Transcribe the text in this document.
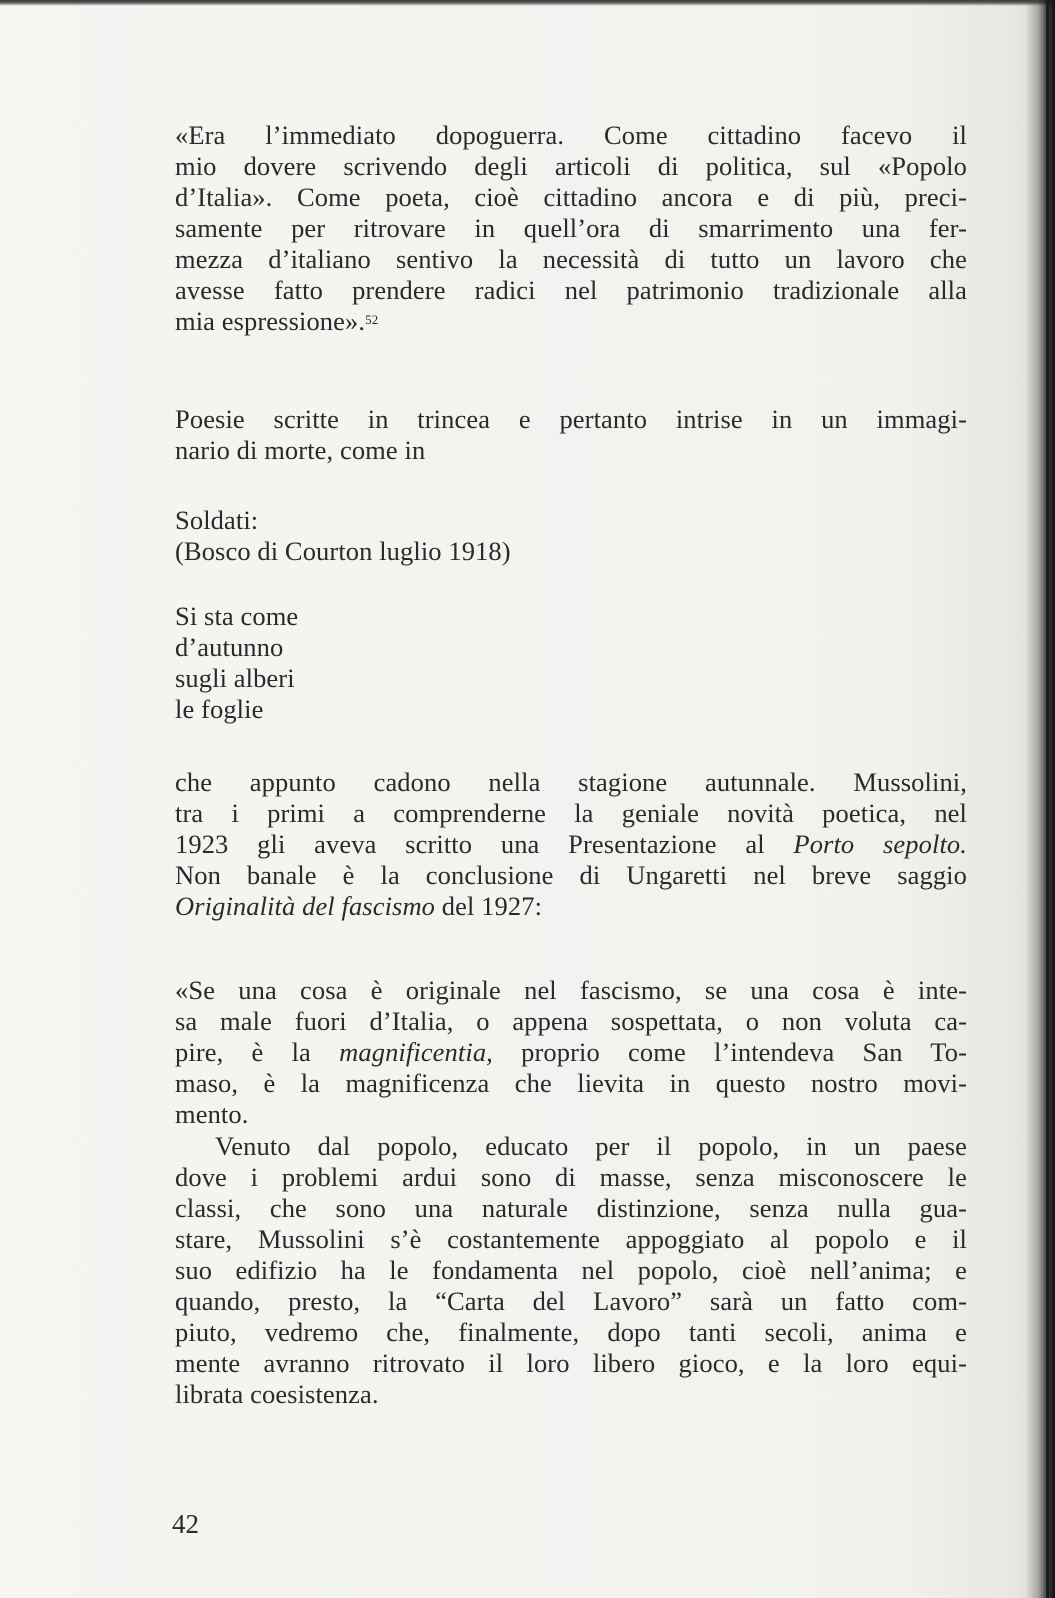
«Era l’immediato dopoguerra. Come cittadino facevo il
mio dovere scrivendo degli articoli di politica, sul «Popolo
d’Italia». Come poeta, cioè cittadino ancora e di più, preci-
samente per ritrovare in quell’ora di smarrimento una fer-
mezza d’italiano sentivo la necessità di tutto un lavoro che
avesse fatto prendere radici nel patrimonio tradizionale alla
mia espressione».$^{52}$
Poesie scritte in trincea e pertanto intrise in un immagi-
nario di morte, come in
Soldati:
(Bosco di Courton luglio 1918)
Si sta come
d’autunno
sugli alberi
le foglie
che appunto cadono nella stagione autunnale. Mussolini,
tra i primi a comprenderne la geniale novità poetica, nel
1923 gli aveva scritto una Presentazione al Porto sepolto.
Non banale è la conclusione di Ungaretti nel breve saggio
Originalità del fascismo del 1927:
«Se una cosa è originale nel fascismo, se una cosa è inte-
sa male fuori d’Italia, o appena sospettata, o non voluta ca-
pire, è la magnificentia, proprio come l’intendeva San To-
maso, è la magnificenza che lievita in questo nostro movi-
mento.
Venuto dal popolo, educato per il popolo, in un paese
dove i problemi ardui sono di masse, senza misconoscere le
classi, che sono una naturale distinzione, senza nulla gua-
stare, Mussolini s’è costantemente appoggiato al popolo e il
suo edifizio ha le fondamenta nel popolo, cioè nell’anima; e
quando, presto, la “Carta del Lavoro” sarà un fatto com-
piuto, vedremo che, finalmente, dopo tanti secoli, anima e
mente avranno ritrovato il loro libero gioco, e la loro equi-
librata coesistenza.
42
